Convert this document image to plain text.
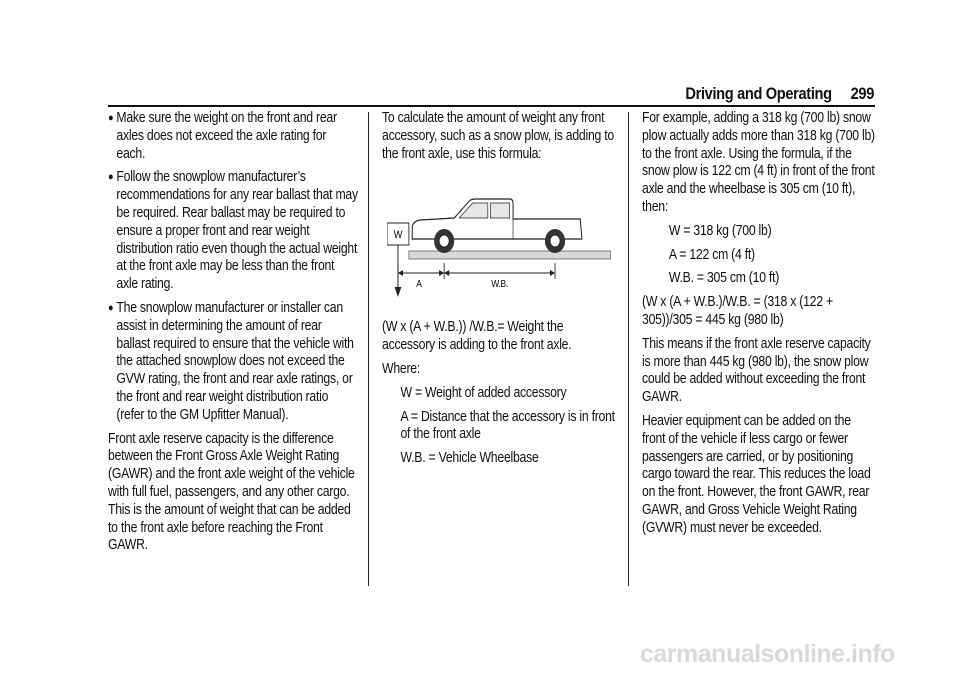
Driving and Operating 299
● Make sure the weight on the front and rear axles does not exceed the axle rating for each.
● Follow the snowplow manufacturer’s recommendations for any rear ballast that may be required. Rear ballast may be required to ensure a proper front and rear weight distribution ratio even though the actual weight at the front axle may be less than the front axle rating.
● The snowplow manufacturer or installer can assist in determining the amount of rear ballast required to ensure that the vehicle with the attached snowplow does not exceed the GVW rating, the front and rear axle ratings, or the front and rear weight distribution ratio (refer to the GM Upfitter Manual).

Front axle reserve capacity is the difference between the Front Gross Axle Weight Rating (GAWR) and the front axle weight of the vehicle with full fuel, passengers, and any other cargo. This is the amount of weight that can be added to the front axle before reaching the Front GAWR.

To calculate the amount of weight any front accessory, such as a snow plow, is adding to the front axle, use this formula:

W
A	W.B.

(W x (A + W.B.)) /W.B.= Weight the accessory is adding to the front axle.

Where:

W = Weight of added accessory

A = Distance that the accessory is in front of the front axle

W.B. = Vehicle Wheelbase

For example, adding a 318 kg (700 lb) snow plow actually adds more than 318 kg (700 lb) to the front axle. Using the formula, if the snow plow is 122 cm (4 ft) in front of the front axle and the wheelbase is 305 cm (10 ft), then:

W = 318 kg (700 lb)

A = 122 cm (4 ft)

W.B. = 305 cm (10 ft)

(W x (A + W.B.)/W.B. = (318 x (122 + 305))/305 = 445 kg (980 lb)

This means if the front axle reserve capacity is more than 445 kg (980 lb), the snow plow could be added without exceeding the front GAWR.

Heavier equipment can be added on the front of the vehicle if less cargo or fewer passengers are carried, or by positioning cargo toward the rear. This reduces the load on the front. However, the front GAWR, rear GAWR, and Gross Vehicle Weight Rating (GVWR) must never be exceeded.

carmanualsonline.info
